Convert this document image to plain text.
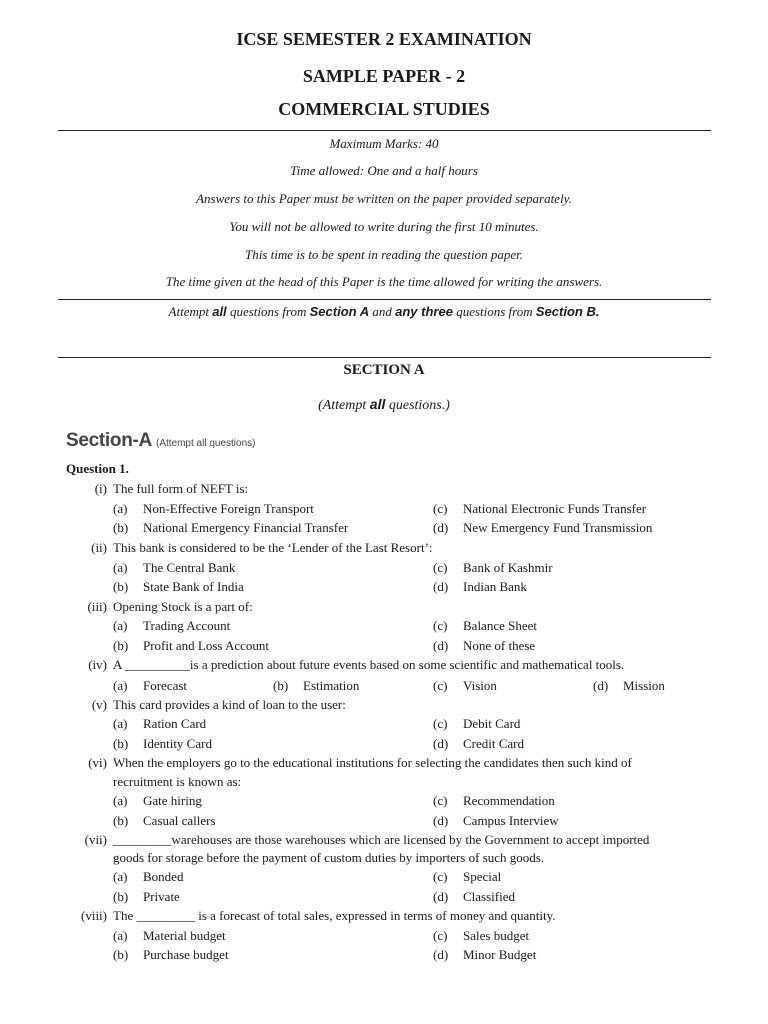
ICSE SEMESTER 2 EXAMINATION
SAMPLE PAPER - 2
COMMERCIAL STUDIES
Maximum Marks: 40
Time allowed: One and a half hours
Answers to this Paper must be written on the paper provided separately.
You will not be allowed to write during the first 10 minutes.
This time is to be spent in reading the question paper.
The time given at the head of this Paper is the time allowed for writing the answers.
Attempt all questions from Section A and any three questions from Section B.
SECTION A
(Attempt all questions.)
Section-A (Attempt all questions)
Question 1.
(i) The full form of NEFT is:
(a) Non-Effective Foreign Transport	(c) National Electronic Funds Transfer
(b) National Emergency Financial Transfer	(d) New Emergency Fund Transmission
(ii) This bank is considered to be the ‘Lender of the Last Resort’:
(a) The Central Bank	(c) Bank of Kashmir
(b) State Bank of India	(d) Indian Bank
(iii) Opening Stock is a part of:
(a) Trading Account	(c) Balance Sheet
(b) Profit and Loss Account	(d) None of these
(iv) A __________is a prediction about future events based on some scientific and mathematical tools.
(a) Forecast	(b) Estimation	(c) Vision	(d) Mission
(v) This card provides a kind of loan to the user:
(a) Ration Card	(c) Debit Card
(b) Identity Card	(d) Credit Card
(vi) When the employers go to the educational institutions for selecting the candidates then such kind of
recruitment is known as:
(a) Gate hiring	(c) Recommendation
(b) Casual callers	(d) Campus Interview
(vii) _________warehouses are those warehouses which are licensed by the Government to accept imported
goods for storage before the payment of custom duties by importers of such goods.
(a) Bonded	(c) Special
(b) Private	(d) Classified
(viii) The _________ is a forecast of total sales, expressed in terms of money and quantity.
(a) Material budget	(c) Sales budget
(b) Purchase budget	(d) Minor Budget
